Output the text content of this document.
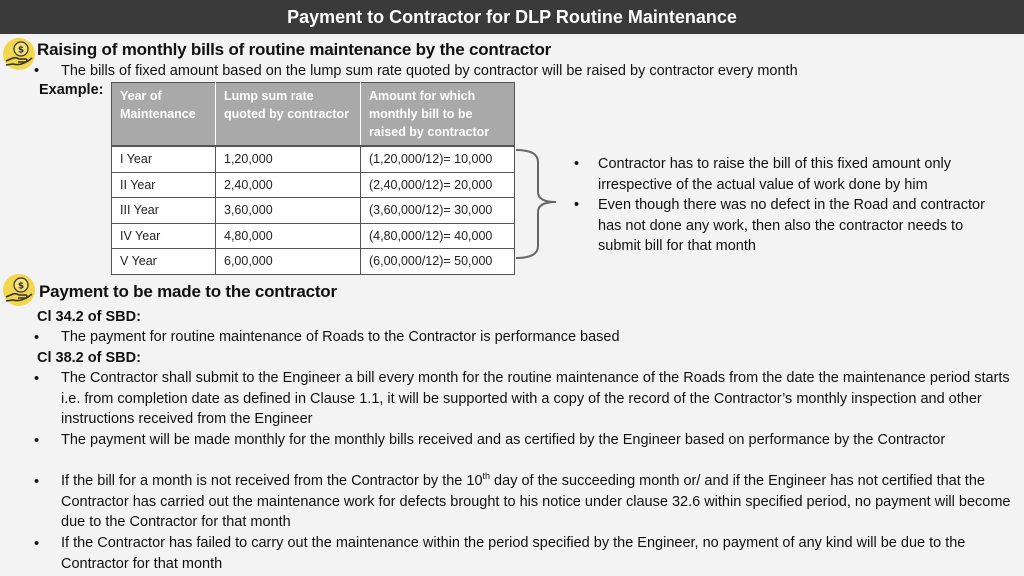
Payment to Contractor for DLP Routine Maintenance
$ Raising of monthly bills of routine maintenance by the contractor
• The bills of fixed amount based on the lump sum rate quoted by contractor will be raised by contractor every month
Example: Year of Maintenance	Lump sum rate quoted by contractor	Amount for which monthly bill to be raised by contractor
I Year	1,20,000	(1,20,000/12)= 10,000
II Year	2,40,000	(2,40,000/12)= 20,000
III Year	3,60,000	(3,60,000/12)= 30,000
IV Year	4,80,000	(4,80,000/12)= 40,000
V Year	6,00,000	(6,00,000/12)= 50,000
• Contractor has to raise the bill of this fixed amount only irrespective of the actual value of work done by him
• Even though there was no defect in the Road and contractor has not done any work, then also the contractor needs to submit bill for that month
$ Payment to be made to the contractor
Cl 34.2 of SBD:
• The payment for routine maintenance of Roads to the Contractor is performance based
Cl 38.2 of SBD:
• The Contractor shall submit to the Engineer a bill every month for the routine maintenance of the Roads from the date the maintenance period starts i.e. from completion date as defined in Clause 1.1, it will be supported with a copy of the record of the Contractor’s monthly inspection and other instructions received from the Engineer
• The payment will be made monthly for the monthly bills received and as certified by the Engineer based on performance by the Contractor
• If the bill for a month is not received from the Contractor by the 10th day of the succeeding month or/ and if the Engineer has not certified that the Contractor has carried out the maintenance work for defects brought to his notice under clause 32.6 within specified period, no payment will become due to the Contractor for that month
• If the Contractor has failed to carry out the maintenance within the period specified by the Engineer, no payment of any kind will be due to the Contractor for that month
